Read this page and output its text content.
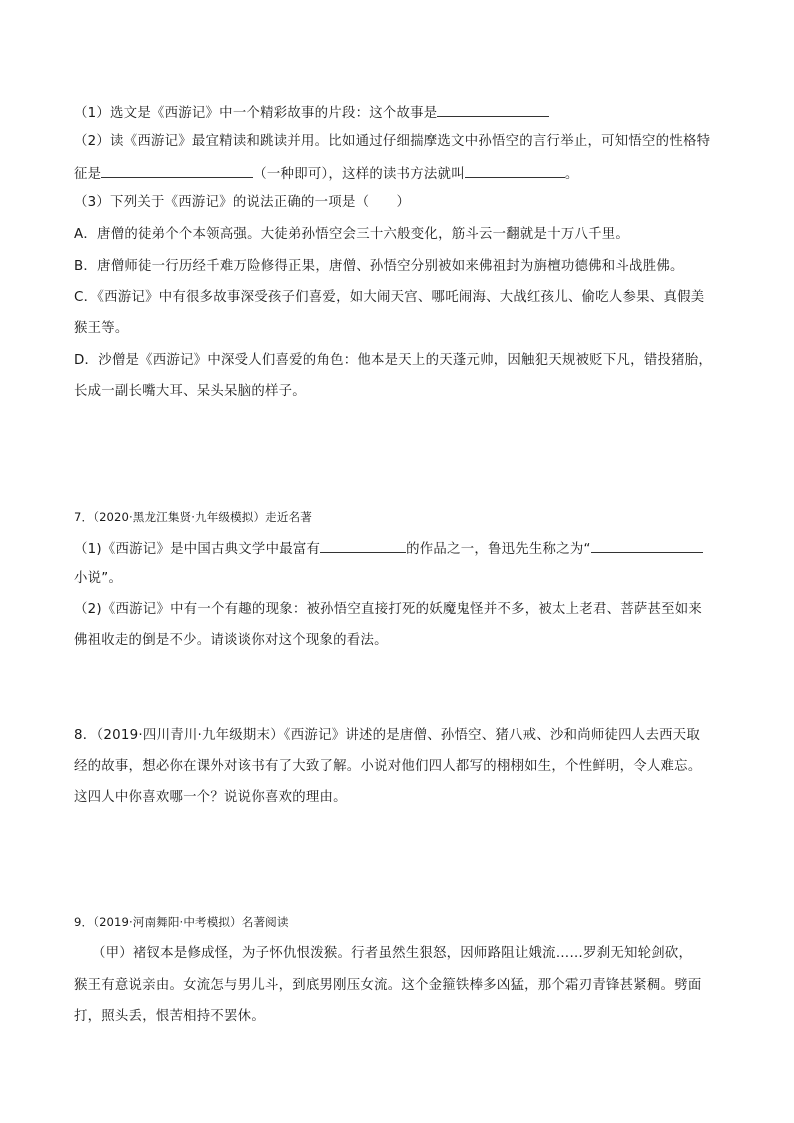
（1）选文是《西游记》中一个精彩故事的片段：这个故事是
（2）读《西游记》最宜精读和跳读并用。比如通过仔细揣摩选文中孙悟空的言行举止，可知悟空的性格特
征是	（一种即可），这样的读书方法就叫	。
（3）下列关于《西游记》的说法正确的一项是（　　）
A．唐僧的徒弟个个本领高强。大徒弟孙悟空会三十六般变化，筋斗云一翻就是十万八千里。
B．唐僧师徒一行历经千难万险修得正果，唐僧、孙悟空分别被如来佛祖封为旃檀功德佛和斗战胜佛。
C．《西游记》中有很多故事深受孩子们喜爱，如大闹天宫、哪吒闹海、大战红孩儿、偷吃人参果、真假美
猴王等。
D．沙僧是《西游记》中深受人们喜爱的角色：他本是天上的天蓬元帅，因触犯天规被贬下凡，错投猪胎，
长成一副长嘴大耳、呆头呆脑的样子。
7．（2020·黑龙江集贤·九年级模拟）走近名著
（1)《西游记》是中国古典文学中最富有	的作品之一，鲁迅先生称之为“
小说”。
（2)《西游记》中有一个有趣的现象：被孙悟空直接打死的妖魔鬼怪并不多，被太上老君、菩萨甚至如来
佛祖收走的倒是不少。请谈谈你对这个现象的看法。
8．（2019·四川青川·九年级期末）《西游记》讲述的是唐僧、孙悟空、猪八戒、沙和尚师徒四人去西天取
经的故事，想必你在课外对该书有了大致了解。小说对他们四人都写的栩栩如生，个性鲜明，令人难忘。
这四人中你喜欢哪一个？说说你喜欢的理由。
9．（2019·河南舞阳·中考模拟）名著阅读
（甲）褚钗本是修成怪，为子怀仇恨泼猴。行者虽然生狠怒，因师路阻让娥流……罗刹无知轮剑砍，
猴王有意说亲由。女流怎与男儿斗，到底男刚压女流。这个金箍铁棒多凶猛，那个霜刃青锋甚紧稠。劈面
打，照头丢，恨苦相持不罢休。
